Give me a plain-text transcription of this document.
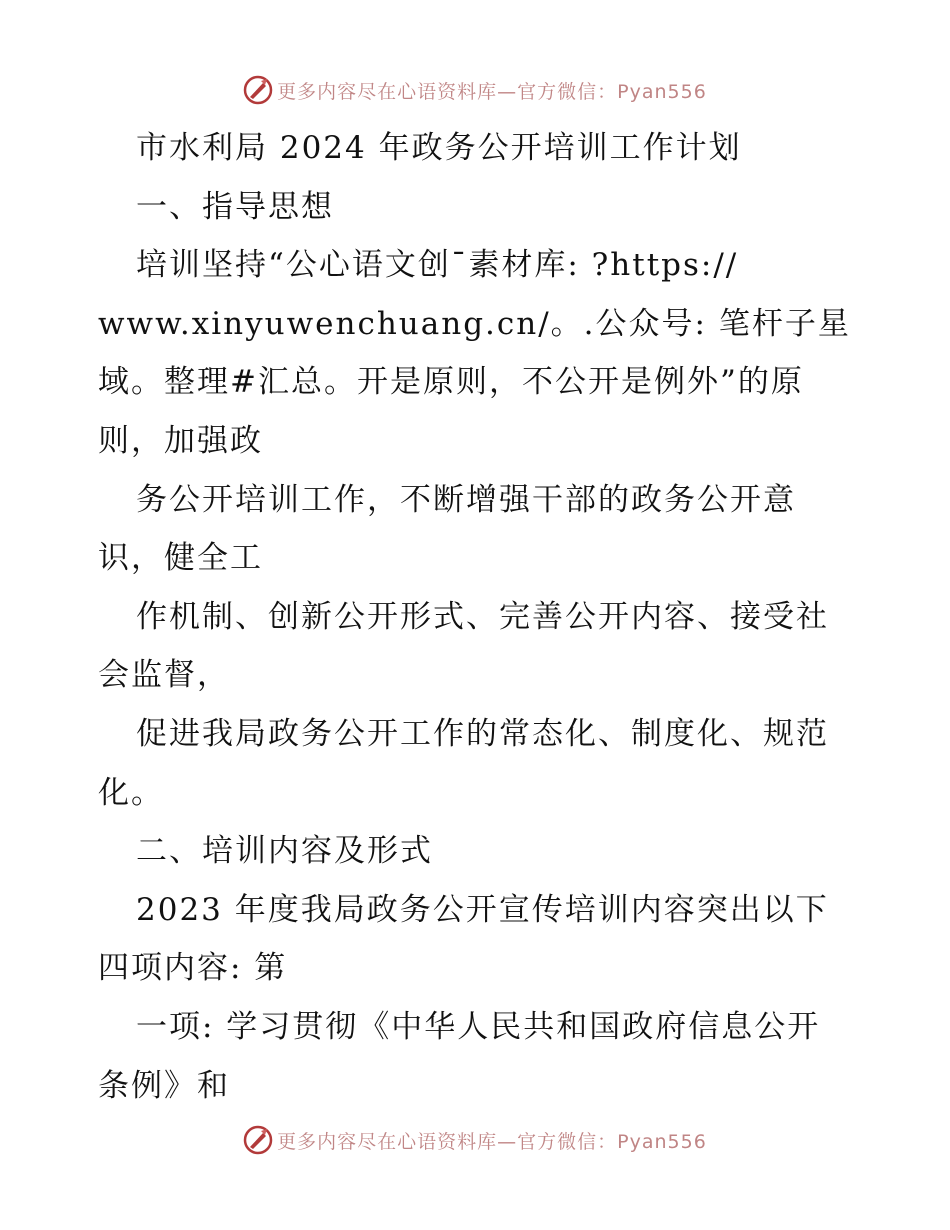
更多内容尽在心语资料库—官方微信：Pyan556
市水利局 2024 年政务公开培训工作计划
一、指导思想
培训坚持“公心语文创¯素材库: ?https://
www.xinyuwenchuang.cn/。.公众号: 笔杆子星
域。整理#汇总。开是原则，不公开是例外”的原
则，加强政
务公开培训工作，不断增强干部的政务公开意
识，健全工
作机制、创新公开形式、完善公开内容、接受社
会监督，
促进我局政务公开工作的常态化、制度化、规范
化。
二、培训内容及形式
2023 年度我局政务公开宣传培训内容突出以下
四项内容: 第
一项: 学习贯彻《中华人民共和国政府信息公开
条例》和
更多内容尽在心语资料库—官方微信：Pyan556
